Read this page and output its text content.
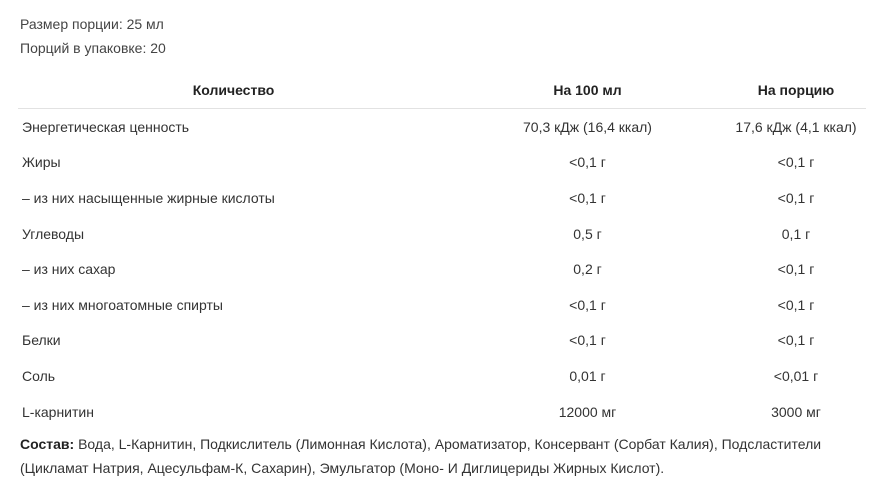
Размер порции: 25 мл
Порций в упаковке: 20
Количество	На 100 мл	На порцию
Энергетическая ценность	70,3 кДж (16,4 ккал)	17,6 кДж (4,1 ккал)
Жиры	<0,1 г	<0,1 г
– из них насыщенные жирные кислоты	<0,1 г	<0,1 г
Углеводы	0,5 г	0,1 г
– из них сахар	0,2 г	<0,1 г
– из них многоатомные спирты	<0,1 г	<0,1 г
Белки	<0,1 г	<0,1 г
Соль	0,01 г	<0,01 г
L-карнитин	12000 мг	3000 мг
Состав: Вода, L-Карнитин, Подкислитель (Лимонная Кислота), Ароматизатор, Консервант (Сорбат Калия), Подсластители (Цикламат Натрия, Ацесульфам-К, Сахарин), Эмульгатор (Моно- И Диглицериды Жирных Кислот).
